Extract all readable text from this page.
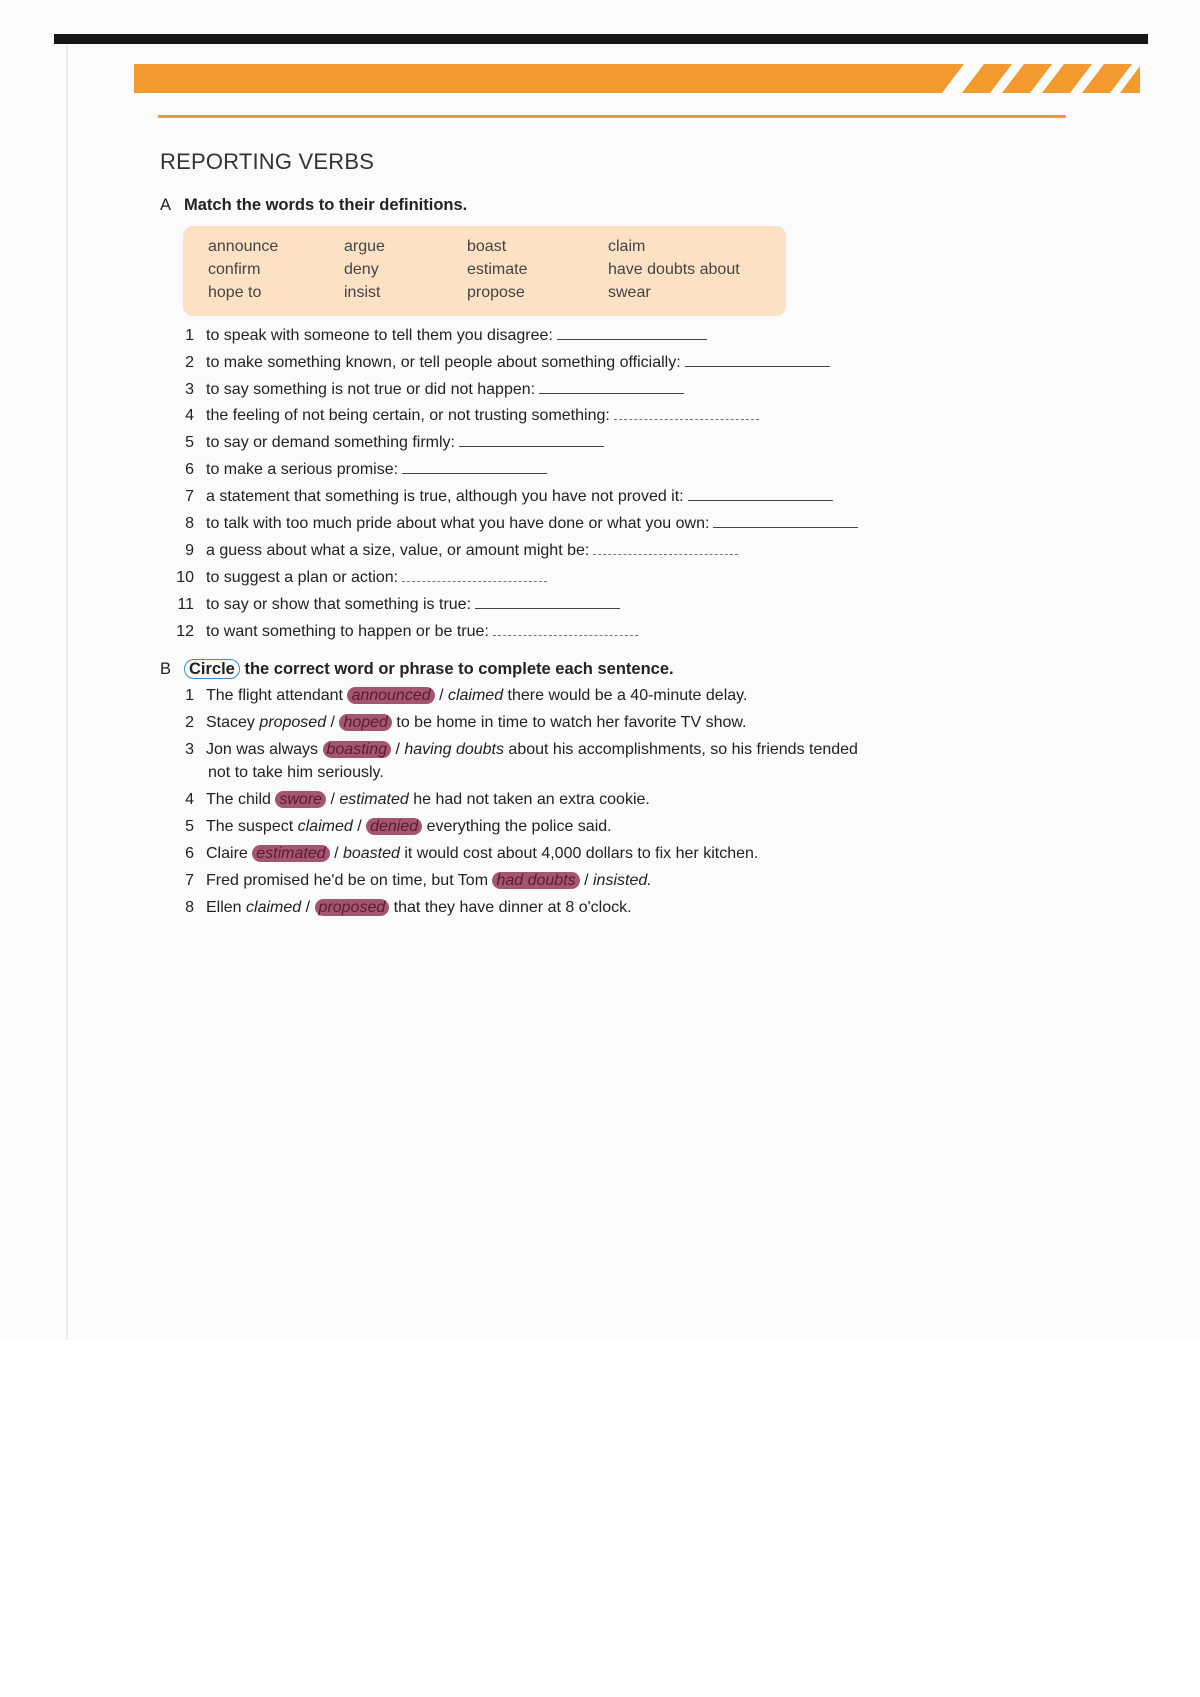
REPORTING VERBS
A Match the words to their definitions.
announce	argue	boast	claim
confirm	deny	estimate	have doubts about
hope to	insist	propose	swear
1 to speak with someone to tell them you disagree:
2 to make something known, or tell people about something officially:
3 to say something is not true or did not happen:
4 the feeling of not being certain, or not trusting something:
5 to say or demand something firmly:
6 to make a serious promise:
7 a statement that something is true, although you have not proved it:
8 to talk with too much pride about what you have done or what you own:
9 a guess about what a size, value, or amount might be:
10 to suggest a plan or action:
11 to say or show that something is true:
12 to want something to happen or be true:
B Circle the correct word or phrase to complete each sentence.
1 The flight attendant announced / claimed there would be a 40-minute delay.
2 Stacey proposed / hoped to be home in time to watch her favorite TV show.
3 Jon was always boasting / having doubts about his accomplishments, so his friends tended
not to take him seriously.
4 The child swore / estimated he had not taken an extra cookie.
5 The suspect claimed / denied everything the police said.
6 Claire estimated / boasted it would cost about 4,000 dollars to fix her kitchen.
7 Fred promised he'd be on time, but Tom had doubts / insisted.
8 Ellen claimed / proposed that they have dinner at 8 o'clock.
